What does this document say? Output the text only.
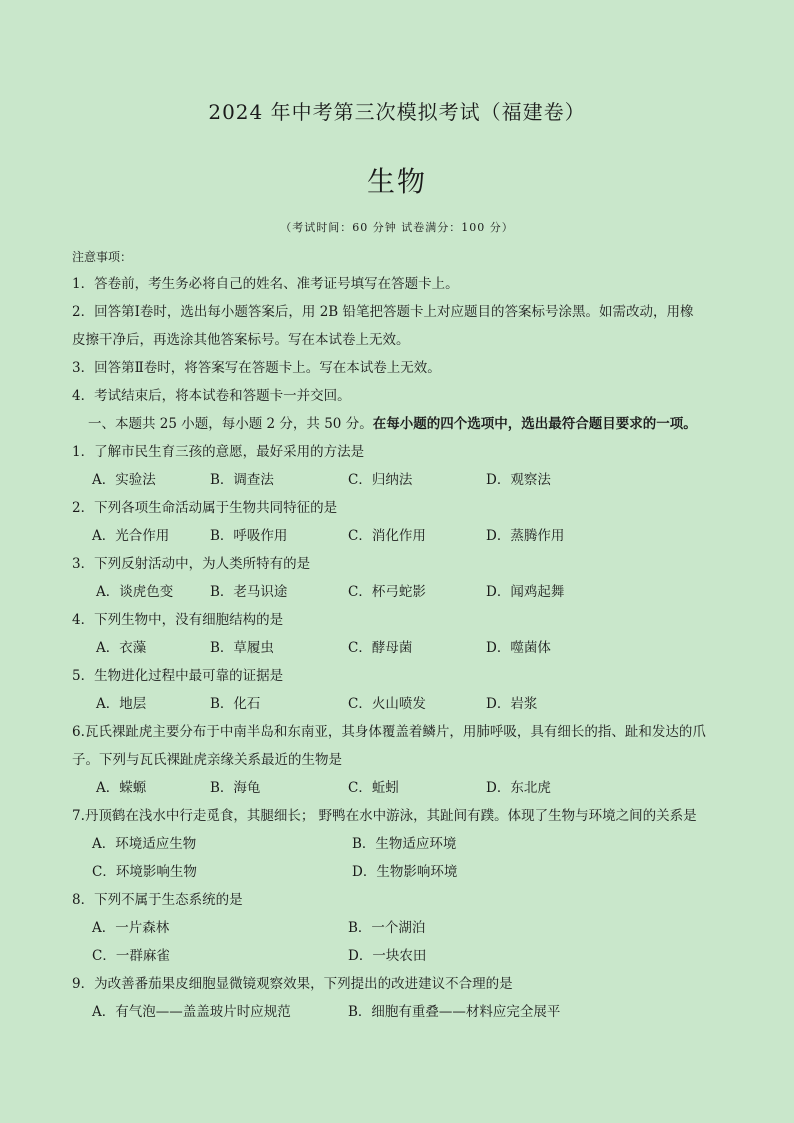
2024 年中考第三次模拟考试（福建卷）
生物
（考试时间：60 分钟 试卷满分：100 分）
注意事项：
1．答卷前，考生务必将自己的姓名、准考证号填写在答题卡上。
2．回答第Ⅰ卷时，选出每小题答案后，用 2B 铅笔把答题卡上对应题目的答案标号涂黑。如需改动，用橡
皮擦干净后，再选涂其他答案标号。写在本试卷上无效。
3．回答第Ⅱ卷时，将答案写在答题卡上。写在本试卷上无效。
4．考试结束后，将本试卷和答题卡一并交回。
一、本题共 25 小题，每小题 2 分，共 50 分。在每小题的四个选项中，选出最符合题目要求的一项。
1．了解市民生育三孩的意愿，最好采用的方法是
A．实验法	B．调查法	C．归纳法	D．观察法
2．下列各项生命活动属于生物共同特征的是
A．光合作用	B．呼吸作用	C．消化作用	D．蒸腾作用
3．下列反射活动中，为人类所特有的是
A．谈虎色变	B．老马识途	C．杯弓蛇影	D．闻鸡起舞
4．下列生物中，没有细胞结构的是
A．衣藻	B．草履虫	C．酵母菌	D．噬菌体
5．生物进化过程中最可靠的证据是
A．地层	B．化石	C．火山喷发	D．岩浆
6.瓦氏裸趾虎主要分布于中南半岛和东南亚，其身体覆盖着鳞片，用肺呼吸，具有细长的指、趾和发达的爪
子。下列与瓦氏裸趾虎亲缘关系最近的生物是
A．蝾螈	B．海龟	C．蚯蚓	D．东北虎
7.丹顶鹤在浅水中行走觅食，其腿细长； 野鸭在水中游泳，其趾间有蹼。体现了生物与环境之间的关系是
A．环境适应生物	B．生物适应环境
C．环境影响生物	D．生物影响环境
8．下列不属于生态系统的是
A．一片森林	B．一个湖泊
C．一群麻雀	D．一块农田
9．为改善番茄果皮细胞显微镜观察效果，下列提出的改进建议不合理的是
A．有气泡——盖盖玻片时应规范	B．细胞有重叠——材料应完全展平
